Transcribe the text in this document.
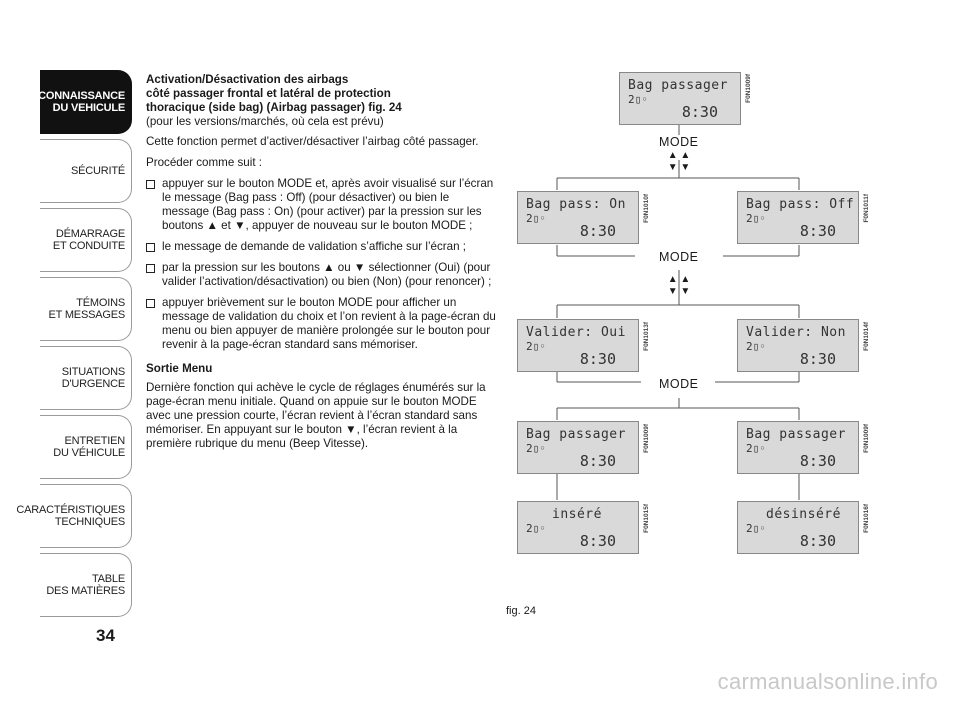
CONNAISSANCE
DU VEHICULE
SÉCURITÉ
DÉMARRAGE
ET CONDUITE
TÉMOINS
ET MESSAGES
SITUATIONS
D'URGENCE
ENTRETIEN
DU VÉHICULE
CARACTÉRISTIQUES
TECHNIQUES
TABLE
DES MATIÈRES
34

Activation/Désactivation des airbags
côté passager frontal et latéral de protection
thoracique (side bag) (Airbag passager) fig. 24
(pour les versions/marchés, où cela est prévu)

Cette fonction permet d’activer/désactiver l’airbag côté passager.

Procéder comme suit :

appuyer sur le bouton MODE et, après avoir visualisé sur l’écran le message (Bag pass : Off) (pour désactiver) ou bien le message (Bag pass : On) (pour activer) par la pression sur les boutons ▲ et ▼, appuyer de nouveau sur le bouton MODE ;
le message de demande de validation s’affiche sur l’écran ;
par la pression sur les boutons ▲ ou ▼ sélectionner (Oui) (pour valider l’activation/désactivation) ou bien (Non) (pour renoncer) ;
appuyer brièvement sur le bouton MODE pour afficher un message de validation du choix et l’on revient à la page-écran du menu ou bien appuyer de manière prolongée sur le bouton pour revenir à la page-écran standard sans mémoriser.

Sortie Menu

Dernière fonction qui achève le cycle de réglages énumérés sur la page-écran menu initiale. Quand on appuie sur le bouton MODE avec une pression courte, l’écran revient à l’écran standard sans mémoriser. En appuyant sur le bouton ▼, l’écran revient à la première rubrique du menu (Beep Vitesse).

Bag passager
2▯◦
8:30
F0N1009f
MODE
▲ ▲
▼ ▼
Bag pass: On
2▯◦
8:30
F0N1010f	Bag pass: Off
2▯◦
8:30
F0N1011f
MODE
▲ ▲
▼ ▼
Valider: Oui
2▯◦
8:30
F0N1013f	Valider: Non
2▯◦
8:30
F0N1014f
MODE
Bag passager
2▯◦
8:30
F0N1009f	Bag passager
2▯◦
8:30
F0N1009f
inséré
2▯◦
8:30
F0N1015f	désinséré
2▯◦
8:30
F0N1016f
fig. 24
carmanualsonline.info
